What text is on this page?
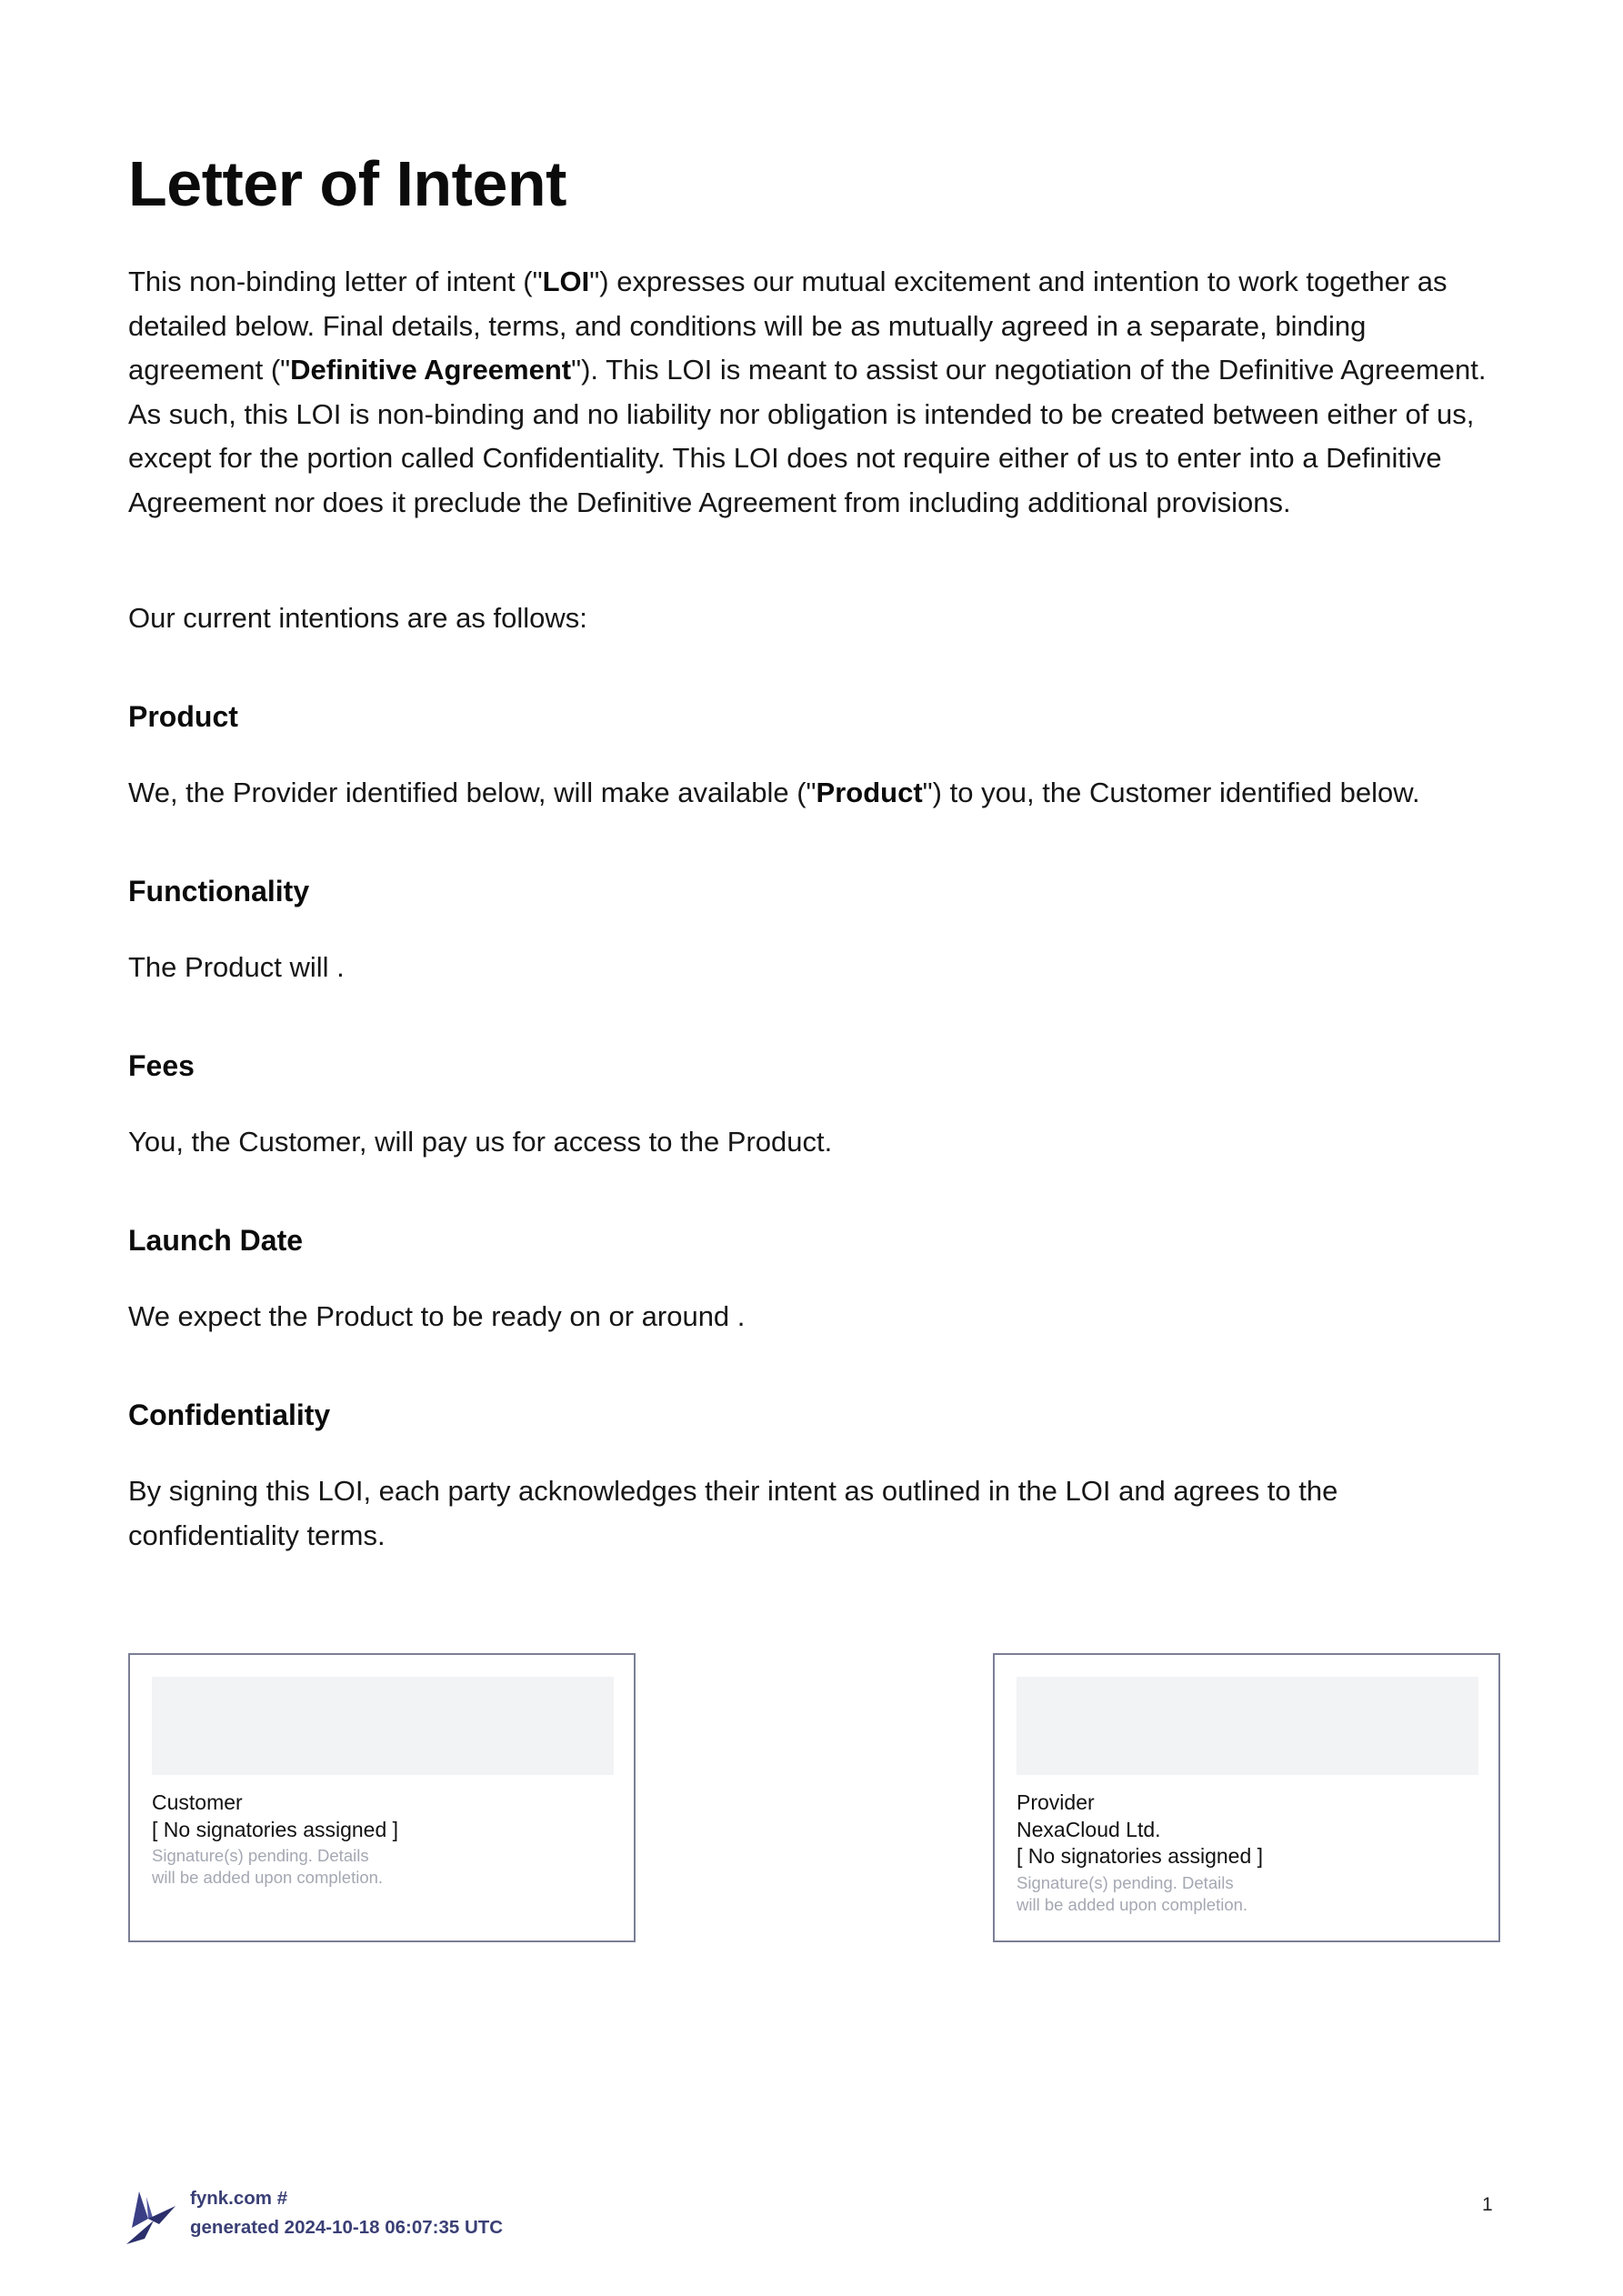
Letter of Intent

This non-binding letter of intent ("LOI") expresses our mutual excitement and intention to work together as detailed below. Final details, terms, and conditions will be as mutually agreed in a separate, binding agreement ("Definitive Agreement"). This LOI is meant to assist our negotiation of the Definitive Agreement. As such, this LOI is non-binding and no liability nor obligation is intended to be created between either of us, except for the portion called Confidentiality. This LOI does not require either of us to enter into a Definitive Agreement nor does it preclude the Definitive Agreement from including additional provisions.

Our current intentions are as follows:

Product

We, the Provider identified below, will make available ("Product") to you, the Customer identified below.

Functionality

The Product will .

Fees

You, the Customer, will pay us for access to the Product.

Launch Date

We expect the Product to be ready on or around .

Confidentiality

By signing this LOI, each party acknowledges their intent as outlined in the LOI and agrees to the confidentiality terms.

Customer
[ No signatories assigned ]
Signature(s) pending. Details
will be added upon completion.
Provider
NexaCloud Ltd.
[ No signatories assigned ]
Signature(s) pending. Details
will be added upon completion.
fynk.com #
generated 2024-10-18 06:07:35 UTC
1
